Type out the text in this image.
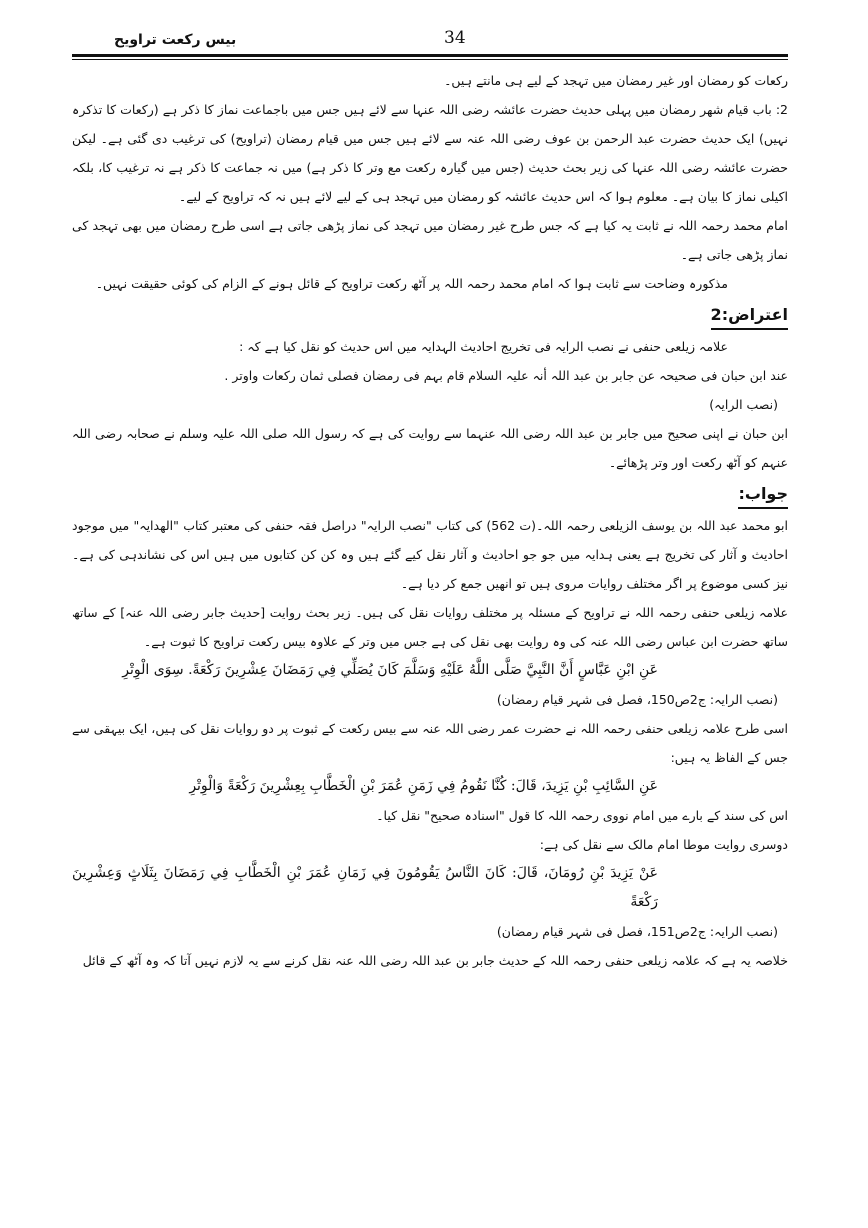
بیس رکعت تراویح	34

رکعات کو رمضان اور غیر رمضان میں تہجد کے لیے ہی مانتے ہیں۔

2: باب قیام شھر رمضان میں پہلی حدیث حضرت عائشہ رضی اللہ عنہا سے لائے ہیں جس میں باجماعت نماز کا ذکر ہے (رکعات کا تذکرہ نہیں) ایک حدیث حضرت عبد الرحمن بن عوف رضی اللہ عنہ سے لائے ہیں جس میں قیام رمضان (تراویح) کی ترغیب دی گئی ہے۔ لیکن حضرت عائشہ رضی اللہ عنہا کی زیر بحث حدیث (جس میں گیارہ رکعت مع وتر کا ذکر ہے) میں نہ جماعت کا ذکر ہے نہ ترغیب کا، بلکہ اکیلی نماز کا بیان ہے۔ معلوم ہوا کہ اس حدیث عائشہ کو رمضان میں تہجد ہی کے لیے لائے ہیں نہ کہ تراویح کے لیے۔

امام محمد رحمہ اللہ نے ثابت یہ کیا ہے کہ جس طرح غیر رمضان میں تہجد کی نماز پڑھی جاتی ہے اسی طرح رمضان میں بھی تہجد کی نماز پڑھی جاتی ہے۔

مذکورہ وضاحت سے ثابت ہوا کہ امام محمد رحمہ اللہ پر آٹھ رکعت تراویح کے قائل ہونے کے الزام کی کوئی حقیقت نہیں۔

اعتراض:2

علامہ زیلعی حنفی نے نصب الرایہ فی تخریج احادیث الہدایہ میں اس حدیث کو نقل کیا ہے کہ :

عند ابن حبان فی صحیحہ عن جابر بن عبد اللہ أنہ علیہ السلام قام بہم فی رمضان فصلی ثمان رکعات واوتر .

(نصب الرایہ)

ابن حبان نے اپنی صحیح میں جابر بن عبد اللہ رضی اللہ عنہما سے روایت کی ہے کہ رسول اللہ صلی اللہ علیہ وسلم نے صحابہ رضی اللہ عنہم کو آٹھ رکعت اور وتر پڑھائے۔

جواب:

ابو محمد عبد اللہ بن یوسف الزیلعی رحمہ اللہ۔(ت 562) کی کتاب "نصب الرایہ" دراصل فقہ حنفی کی معتبر کتاب "الھدایہ" میں موجود احادیث و آثار کی تخریج ہے یعنی ہدایہ میں جو جو احادیث و آثار نقل کیے گئے ہیں وہ کن کن کتابوں میں ہیں اس کی نشاندہی کی ہے۔ نیز کسی موضوع پر اگر مختلف روایات مروی ہیں تو انھیں جمع کر دیا ہے۔

علامہ زیلعی حنفی رحمہ اللہ نے تراویح کے مسئلہ پر مختلف روایات نقل کی ہیں۔ زیر بحث روایت [حدیث جابر رضی اللہ عنہ] کے ساتھ ساتھ حضرت ابن عباس رضی اللہ عنہ کی وہ روایت بھی نقل کی ہے جس میں وتر کے علاوہ بیس رکعت تراویح کا ثبوت ہے۔

عَنِ ابْنِ عَبَّاسٍ أَنَّ النَّبِيَّ صَلَّى اللَّهُ عَلَيْهِ وَسَلَّمَ كَانَ يُصَلِّي فِي رَمَضَانَ عِشْرِينَ رَكْعَةً. سِوَى الْوِتْرِ

(نصب الرایہ: ج2ص150، فصل فی شہر قیام رمضان)

اسی طرح علامہ زیلعی حنفی رحمہ اللہ نے حضرت عمر رضی اللہ عنہ سے بیس رکعت کے ثبوت پر دو روایات نقل کی ہیں، ایک بیہقی سے جس کے الفاظ یہ ہیں:

عَنِ السَّائِبِ بْنِ يَزِيدَ، قَالَ: كُنَّا نَقُومُ فِي زَمَنِ عُمَرَ بْنِ الْخَطَّابِ بِعِشْرِينَ رَكْعَةً وَالْوِتْرِ

اس کی سند کے بارے میں امام نووی رحمہ اللہ کا قول "اسنادہ صحیح" نقل کیا۔

دوسری روایت موطا امام مالک سے نقل کی ہے:

عَنْ يَزِيدَ بْنِ رُومَانَ، قَالَ: كَانَ النَّاسُ يَقُومُونَ فِي زَمَانِ عُمَرَ بْنِ الْخَطَّابِ فِي رَمَضَانَ بِثَلَاثٍ وَعِشْرِينَ رَكْعَةً

(نصب الرایہ: ج2ص151، فصل فی شہر قیام رمضان)

خلاصہ یہ ہے کہ علامہ زیلعی حنفی رحمہ اللہ کے حدیث جابر بن عبد اللہ رضی اللہ عنہ نقل کرنے سے یہ لازم نہیں آتا کہ وہ آٹھ کے قائل
